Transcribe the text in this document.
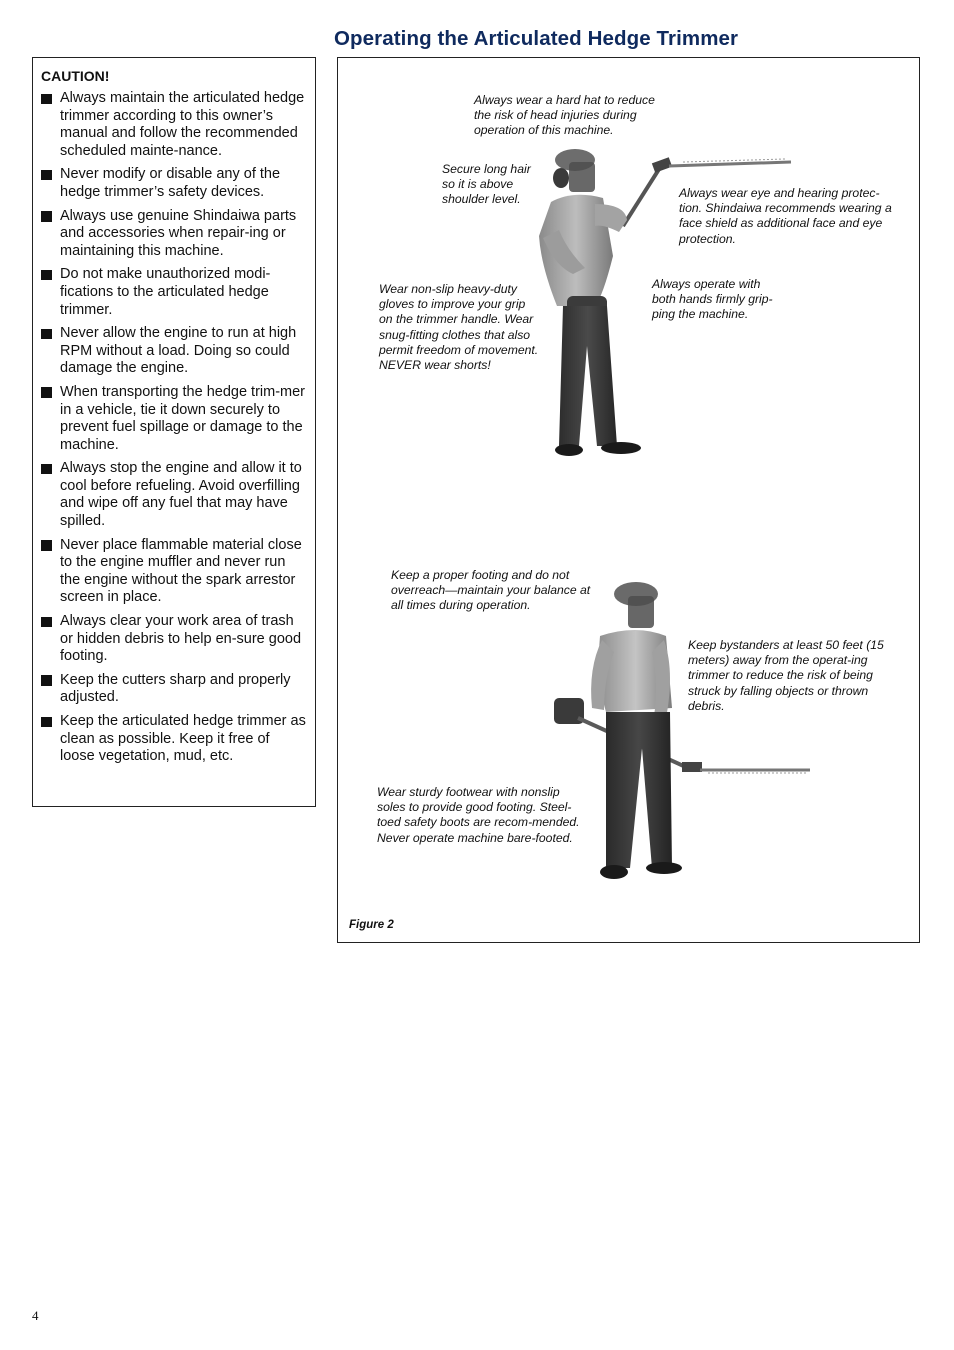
Operating the Articulated Hedge Trimmer

CAUTION!

Always maintain the articulated hedge trimmer according to this owner’s manual and follow the recommended scheduled mainte-nance.
Never modify or disable any of the hedge trimmer’s safety devices.
Always use genuine Shindaiwa parts and accessories when repair-ing or maintaining this machine.
Do not make unauthorized modi-fications to the articulated hedge trimmer.
Never allow the engine to run at high RPM without a load. Doing so could damage the engine.
When transporting the hedge trim-mer in a vehicle, tie it down securely to prevent fuel spillage or damage to the machine.
Always stop the engine and allow it to cool before refueling. Avoid overfilling and wipe off any fuel that may have spilled.
Never place flammable material close to the engine muffler and never run the engine without the spark arrestor screen in place.
Always clear your work area of trash or hidden debris to help en-sure good footing.
Keep the cutters sharp and properly adjusted.
Keep the articulated hedge trimmer as clean as possible. Keep it free of loose vegetation, mud, etc.

Always wear a hard hat to reduce the risk of head injuries during operation of this machine.

Secure long hair so it is above shoulder level.	Always wear eye and hearing protec-tion. Shindaiwa recommends wearing a face shield as additional face and eye protection.

Always operate with both hands firmly grip-ping the machine.

Wear non-slip heavy-duty gloves to improve your grip on the trimmer handle. Wear snug-fitting clothes that also permit freedom of movement. NEVER wear shorts!

Keep a proper footing and do not overreach—maintain your balance at all times during operation.

Keep bystanders at least 50 feet (15 meters) away from the operat-ing trimmer to reduce the risk of being struck by falling objects or thrown debris.

Wear sturdy footwear with nonslip soles to provide good footing. Steel-toed safety boots are recom-mended. Never operate machine bare-footed.

Figure 2
4
